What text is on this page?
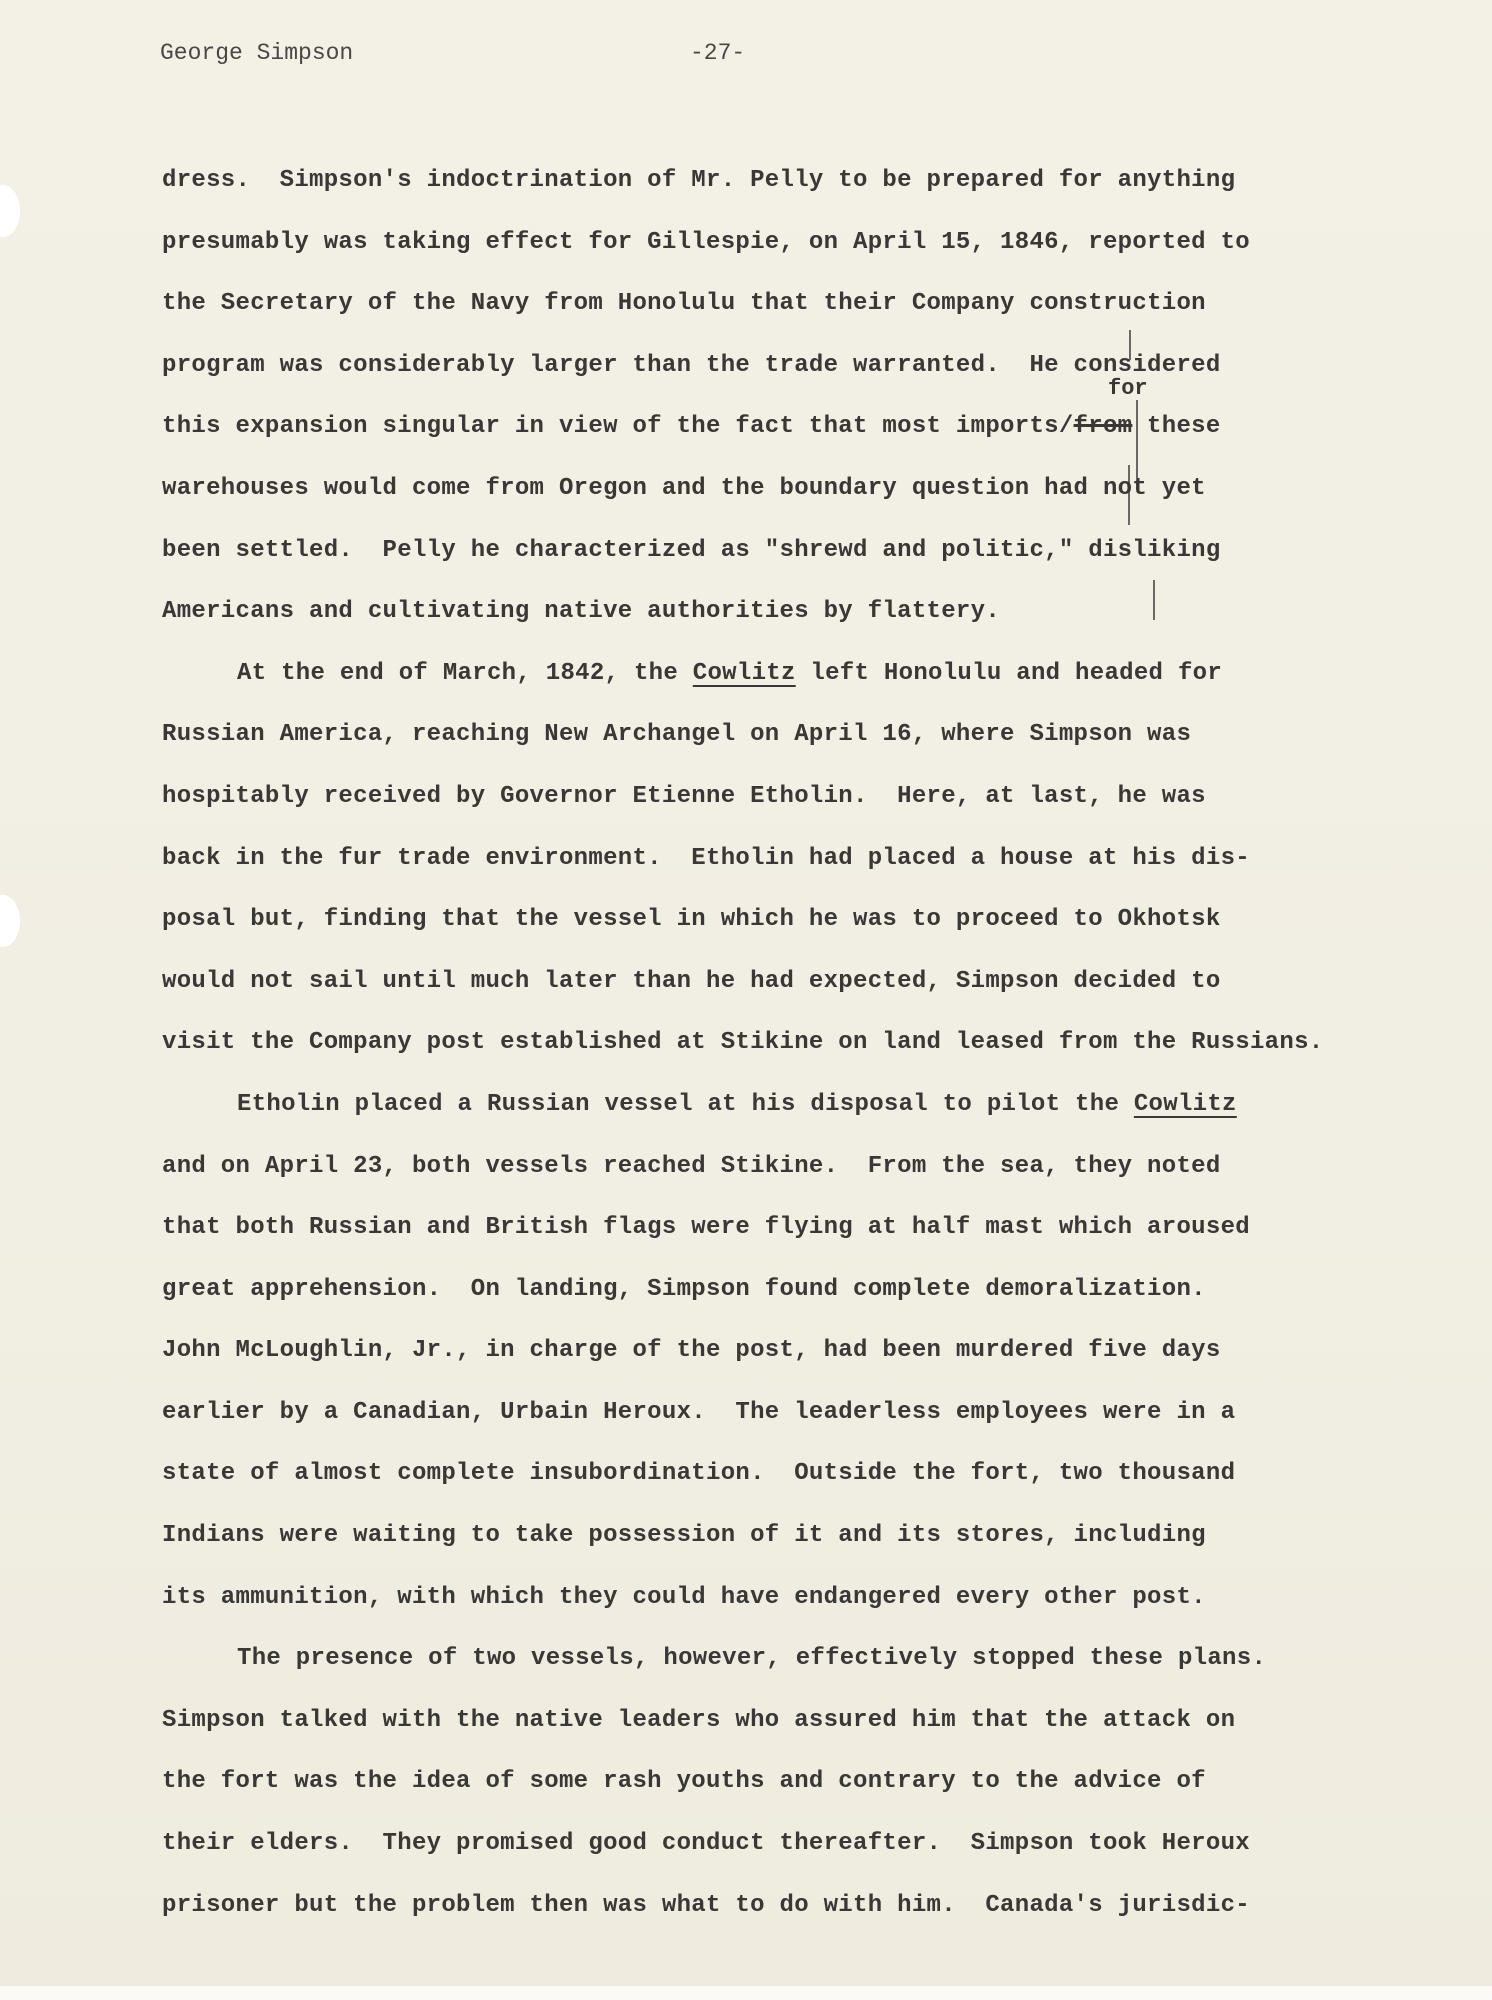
George Simpson	-27-
for
dress.  Simpson's indoctrination of Mr. Pelly to be prepared for anything
presumably was taking effect for Gillespie, on April 15, 1846, reported to
the Secretary of the Navy from Honolulu that their Company construction
program was considerably larger than the trade warranted.  He considered
this expansion singular in view of the fact that most imports/from these
warehouses would come from Oregon and the boundary question had not yet
been settled.  Pelly he characterized as "shrewd and politic," disliking
Americans and cultivating native authorities by flattery.
At the end of March, 1842, the Cowlitz left Honolulu and headed for
Russian America, reaching New Archangel on April 16, where Simpson was
hospitably received by Governor Etienne Etholin.  Here, at last, he was
back in the fur trade environment.  Etholin had placed a house at his dis-
posal but, finding that the vessel in which he was to proceed to Okhotsk
would not sail until much later than he had expected, Simpson decided to
visit the Company post established at Stikine on land leased from the Russians.
Etholin placed a Russian vessel at his disposal to pilot the Cowlitz
and on April 23, both vessels reached Stikine.  From the sea, they noted
that both Russian and British flags were flying at half mast which aroused
great apprehension.  On landing, Simpson found complete demoralization.
John McLoughlin, Jr., in charge of the post, had been murdered five days
earlier by a Canadian, Urbain Heroux.  The leaderless employees were in a
state of almost complete insubordination.  Outside the fort, two thousand
Indians were waiting to take possession of it and its stores, including
its ammunition, with which they could have endangered every other post.
The presence of two vessels, however, effectively stopped these plans.
Simpson talked with the native leaders who assured him that the attack on
the fort was the idea of some rash youths and contrary to the advice of
their elders.  They promised good conduct thereafter.  Simpson took Heroux
prisoner but the problem then was what to do with him.  Canada's jurisdic-
